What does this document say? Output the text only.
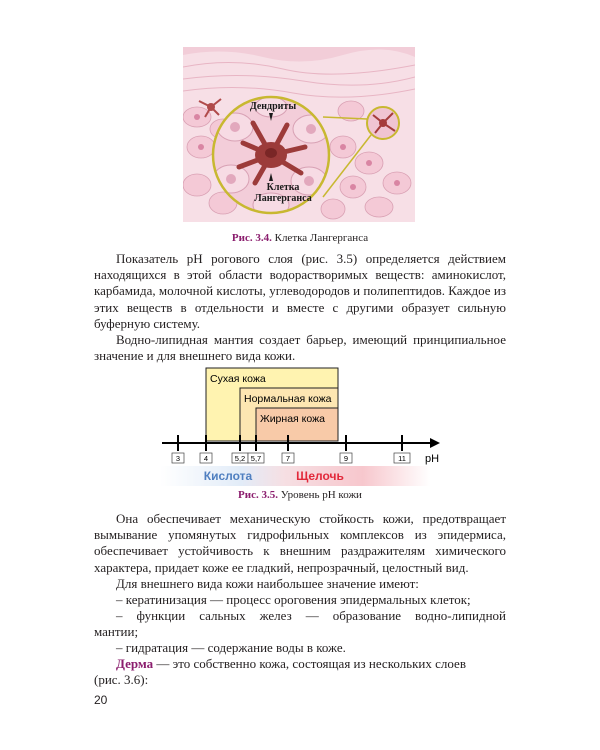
Дендриты
Клетка
Лангерганса
Рис. 3.4. Клетка Лангерганса

Показатель pH рогового слоя (рис. 3.5) определяется действием находящихся в этой области водорастворимых веществ: аминокислот, карбамида, молочной кислоты, углеводородов и полипептидов. Каждое из этих веществ в отдельности и вместе с другими образует сильную буферную систему.

Водно-липидная мантия создает барьер, имеющий принципиальное значение и для внешнего вида кожи.

Сухая кожа
Нормальная кожа
Жирная кожа
pH
3	4	5,2 5,7	7	9	11
Кислота	Щелочь
Рис. 3.5. Уровень pH кожи

Она обеспечивает механическую стойкость кожи, предотвращает вымывание упомянутых гидрофильных комплексов из эпидермиса, обеспечивает устойчивость к внешним раздражителям химического характера, придает коже ее гладкий, непрозрачный, целостный вид.

Для внешнего вида кожи наибольшее значение имеют:
– кератинизация — процесс ороговения эпидермальных клеток;
– функции сальных желез — образование водно-липидной
мантии;
– гидратация — содержание воды в коже.
Дерма — это собственно кожа, состоящая из нескольких слоев
(рис. 3.6):
20
